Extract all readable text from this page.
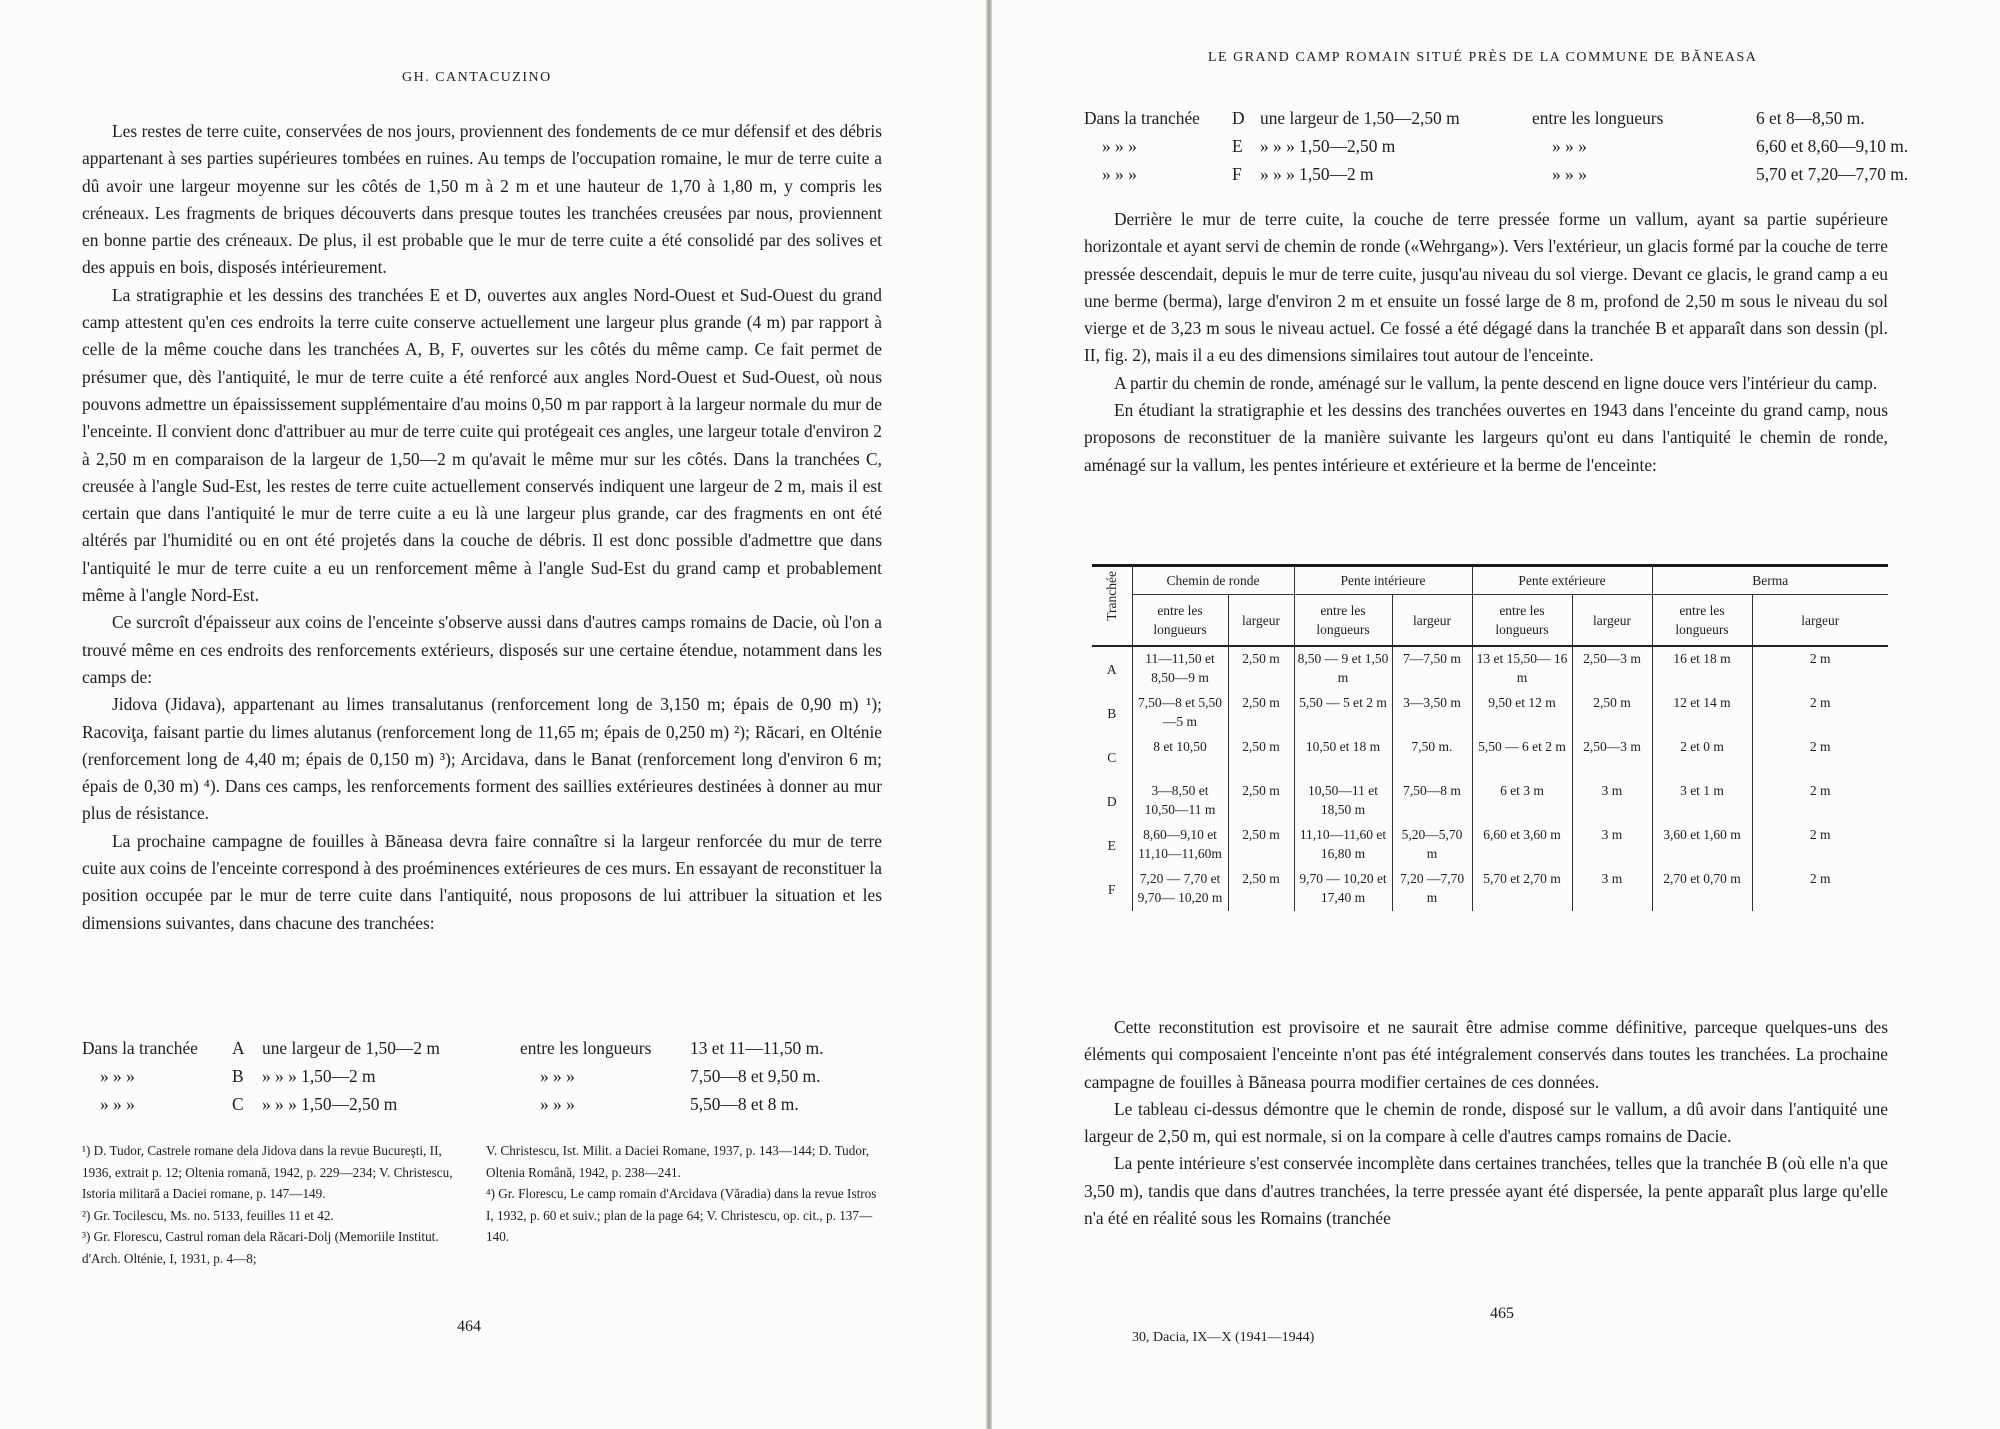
GH. CANTACUZINO

Les restes de terre cuite, conservées de nos jours, proviennent des fondements de ce mur défensif et des débris appartenant à ses parties supérieures tombées en ruines. Au temps de l'occupation romaine, le mur de terre cuite a dû avoir une largeur moyenne sur les côtés de 1,50 m à 2 m et une hauteur de 1,70 à 1,80 m, y compris les créneaux. Les fragments de briques découverts dans presque toutes les tranchées creusées par nous, proviennent en bonne partie des créneaux. De plus, il est probable que le mur de terre cuite a été consolidé par des solives et des appuis en bois, disposés intérieurement.

La stratigraphie et les dessins des tranchées E et D, ouvertes aux angles Nord-Ouest et Sud-Ouest du grand camp attestent qu'en ces endroits la terre cuite conserve actuellement une largeur plus grande (4 m) par rapport à celle de la même couche dans les tranchées A, B, F, ouvertes sur les côtés du même camp. Ce fait permet de présumer que, dès l'antiquité, le mur de terre cuite a été renforcé aux angles Nord-Ouest et Sud-Ouest, où nous pouvons admettre un épaississement supplémentaire d'au moins 0,50 m par rapport à la largeur normale du mur de l'enceinte. Il convient donc d'attribuer au mur de terre cuite qui protégeait ces angles, une largeur totale d'environ 2 à 2,50 m en comparaison de la largeur de 1,50—2 m qu'avait le même mur sur les côtés. Dans la tranchées C, creusée à l'angle Sud-Est, les restes de terre cuite actuellement conservés indiquent une largeur de 2 m, mais il est certain que dans l'antiquité le mur de terre cuite a eu là une largeur plus grande, car des fragments en ont été altérés par l'humidité ou en ont été projetés dans la couche de débris. Il est donc possible d'admettre que dans l'antiquité le mur de terre cuite a eu un renforcement même à l'angle Sud-Est du grand camp et probablement même à l'angle Nord-Est.

Ce surcroît d'épaisseur aux coins de l'enceinte s'observe aussi dans d'autres camps romains de Dacie, où l'on a trouvé même en ces endroits des renforcements extérieurs, disposés sur une certaine étendue, notamment dans les camps de:

Jidova (Jidava), appartenant au limes transalutanus (renforcement long de 3,150 m; épais de 0,90 m) ¹); Racoviţa, faisant partie du limes alutanus (renforcement long de 11,65 m; épais de 0,250 m) ²); Răcari, en Olténie (renforcement long de 4,40 m; épais de 0,150 m) ³); Arcidava, dans le Banat (renforcement long d'environ 6 m; épais de 0,30 m) ⁴). Dans ces camps, les renforcements forment des saillies extérieures destinées à donner au mur plus de résistance.

La prochaine campagne de fouilles à Băneasa devra faire connaître si la largeur renforcée du mur de terre cuite aux coins de l'enceinte correspond à des proéminences extérieures de ces murs. En essayant de reconstituer la position occupée par le mur de terre cuite dans l'antiquité, nous proposons de lui attribuer la situation et les dimensions suivantes, dans chacune des tranchées:

Dans la tranchée A une largeur de 1,50—2 m	entre les longueurs 13 et 11—11,50 m.
» » »	B » » » 1,50—2 m	» » »	7,50—8 et 9,50 m.
» » »	C » » » 1,50—2,50 m	» » »	5,50—8 et 8 m.

¹) D. Tudor, Castrele romane dela Jidova dans la revue Bucureşti, II, 1936, extrait p. 12; Oltenia romană, 1942, p. 229—234; V. Christescu, Istoria militară a Daciei romane, p. 147—149.

²) Gr. Tocilescu, Ms. no. 5133, feuilles 11 et 42.

³) Gr. Florescu, Castrul roman dela Răcari-Dolj (Memoriile Institut. d'Arch. Olténie, I, 1931, p. 4—8;

V. Christescu, Ist. Milit. a Daciei Romane, 1937, p. 143—144; D. Tudor, Oltenia Română, 1942, p. 238—241.

⁴) Gr. Florescu, Le camp romain d'Arcidava (Văradia) dans la revue Istros I, 1932, p. 60 et suiv.; plan de la page 64; V. Christescu, op. cit., p. 137—140.

464
LE GRAND CAMP ROMAIN SITUÉ PRÈS DE LA COMMUNE DE BĂNEASA
Dans la tranchée D une largeur de 1,50—2,50 m	entre les longueurs	6 et 8—8,50 m.
» » »	E » » » 1,50—2,50 m	» » »	6,60 et 8,60—9,10 m.
» » »	F » » » 1,50—2 m	» » »	5,70 et 7,20—7,70 m.

Derrière le mur de terre cuite, la couche de terre pressée forme un vallum, ayant sa partie supérieure horizontale et ayant servi de chemin de ronde («Wehrgang»). Vers l'extérieur, un glacis formé par la couche de terre pressée descendait, depuis le mur de terre cuite, jusqu'au niveau du sol vierge. Devant ce glacis, le grand camp a eu une berme (berma), large d'environ 2 m et ensuite un fossé large de 8 m, profond de 2,50 m sous le niveau du sol vierge et de 3,23 m sous le niveau actuel. Ce fossé a été dégagé dans la tranchée B et apparaît dans son dessin (pl. II, fig. 2), mais il a eu des dimensions similaires tout autour de l'enceinte.

A partir du chemin de ronde, aménagé sur le vallum, la pente descend en ligne douce vers l'intérieur du camp.

En étudiant la stratigraphie et les dessins des tranchées ouvertes en 1943 dans l'enceinte du grand camp, nous proposons de reconstituer de la manière suivante les largeurs qu'ont eu dans l'antiquité le chemin de ronde, aménagé sur la vallum, les pentes intérieure et extérieure et la berme de l'enceinte:

Tranchée	Chemin de ronde		Pente intérieure		Pente extérieure		Berma	
	entre les longueurs	largeur	entre les longueurs	largeur	entre les longueurs	largeur	entre les longueurs	largeur
A	11—11,50 et 8,50—9 m	2,50 m	8,50 — 9 et 1,50 m	7—7,50 m	13 et 15,50— 16 m	2,50—3 m	16 et 18 m	2 m
B	7,50—8 et 5,50—5 m	2,50 m	5,50 — 5 et 2 m	3—3,50 m	9,50 et 12 m	2,50 m	12 et 14 m	2 m
C	8 et 10,50	2,50 m	10,50 et 18 m	7,50 m.	5,50 — 6 et 2 m	2,50—3 m	2 et 0 m	2 m
D	3—8,50 et 10,50—11 m	2,50 m	10,50—11 et 18,50 m	7,50—8 m	6 et 3 m	3 m	3 et 1 m	2 m
E	8,60—9,10 et 11,10—11,60m	2,50 m	11,10—11,60 et 16,80 m	5,20—5,70 m	6,60 et 3,60 m	3 m	3,60 et 1,60 m	2 m
F	7,20 — 7,70 et 9,70— 10,20 m	2,50 m	9,70 — 10,20 et 17,40 m	7,20 —7,70 m	5,70 et 2,70 m	3 m	2,70 et 0,70 m	2 m

Cette reconstitution est provisoire et ne saurait être admise comme définitive, parceque quelques-uns des éléments qui composaient l'enceinte n'ont pas été intégralement conservés dans toutes les tranchées. La prochaine campagne de fouilles à Băneasa pourra modifier certaines de ces données.

Le tableau ci-dessus démontre que le chemin de ronde, disposé sur le vallum, a dû avoir dans l'antiquité une largeur de 2,50 m, qui est normale, si on la compare à celle d'autres camps romains de Dacie.

La pente intérieure s'est conservée incomplète dans certaines tranchées, telles que la tranchée B (où elle n'a que 3,50 m), tandis que dans d'autres tranchées, la terre pressée ayant été dispersée, la pente apparaît plus large qu'elle n'a été en réalité sous les Romains (tranchée

465
30, Dacia, IX—X (1941—1944)
